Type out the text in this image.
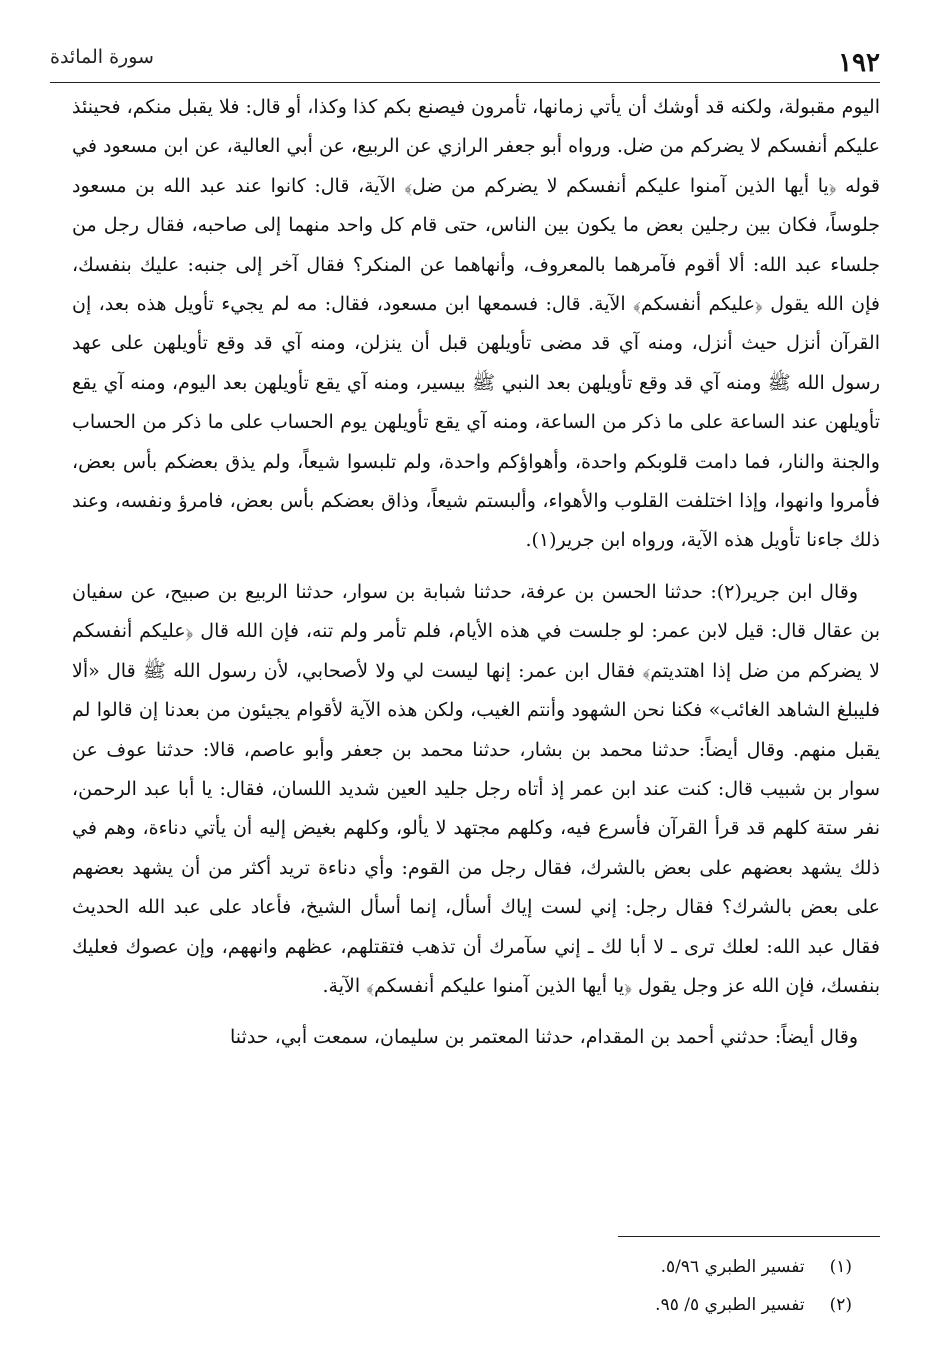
١٩٢
سورة المائدة

اليوم مقبولة، ولكنه قد أوشك أن يأتي زمانها، تأمرون فيصنع بكم كذا وكذا، أو قال: فلا يقبل منكم، فحينئذ عليكم أنفسكم لا يضركم من ضل. ورواه أبو جعفر الرازي عن الربيع، عن أبي العالية، عن ابن مسعود في قوله ﴿يا أيها الذين آمنوا عليكم أنفسكم لا يضركم من ضل﴾ الآية، قال: كانوا عند عبد الله بن مسعود جلوساً، فكان بين رجلين بعض ما يكون بين الناس، حتى قام كل واحد منهما إلى صاحبه، فقال رجل من جلساء عبد الله: ألا أقوم فآمرهما بالمعروف، وأنهاهما عن المنكر؟ فقال آخر إلى جنبه: عليك بنفسك، فإن الله يقول ﴿عليكم أنفسكم﴾ الآية. قال: فسمعها ابن مسعود، فقال: مه لم يجيء تأويل هذه بعد، إن القرآن أنزل حيث أنزل، ومنه آي قد مضى تأويلهن قبل أن ينزلن، ومنه آي قد وقع تأويلهن على عهد رسول الله ﷺ ومنه آي قد وقع تأويلهن بعد النبي ﷺ بيسير، ومنه آي يقع تأويلهن بعد اليوم، ومنه آي يقع تأويلهن عند الساعة على ما ذكر من الساعة، ومنه آي يقع تأويلهن يوم الحساب على ما ذكر من الحساب والجنة والنار، فما دامت قلوبكم واحدة، وأهواؤكم واحدة، ولم تلبسوا شيعاً، ولم يذق بعضكم بأس بعض، فأمروا وانهوا، وإذا اختلفت القلوب والأهواء، وألبستم شيعاً، وذاق بعضكم بأس بعض، فامرؤ ونفسه، وعند ذلك جاءنا تأويل هذه الآية، ورواه ابن جرير(١).

وقال ابن جرير(٢): حدثنا الحسن بن عرفة، حدثنا شبابة بن سوار، حدثنا الربيع بن صبيح، عن سفيان بن عقال قال: قيل لابن عمر: لو جلست في هذه الأيام، فلم تأمر ولم تنه، فإن الله قال ﴿عليكم أنفسكم لا يضركم من ضل إذا اهتديتم﴾ فقال ابن عمر: إنها ليست لي ولا لأصحابي، لأن رسول الله ﷺ قال «ألا فليبلغ الشاهد الغائب» فكنا نحن الشهود وأنتم الغيب، ولكن هذه الآية لأقوام يجيئون من بعدنا إن قالوا لم يقبل منهم. وقال أيضاً: حدثنا محمد بن بشار، حدثنا محمد بن جعفر وأبو عاصم، قالا: حدثنا عوف عن سوار بن شبيب قال: كنت عند ابن عمر إذ أتاه رجل جليد العين شديد اللسان، فقال: يا أبا عبد الرحمن، نفر ستة كلهم قد قرأ القرآن فأسرع فيه، وكلهم مجتهد لا يألو، وكلهم بغيض إليه أن يأتي دناءة، وهم في ذلك يشهد بعضهم على بعض بالشرك، فقال رجل من القوم: وأي دناءة تريد أكثر من أن يشهد بعضهم على بعض بالشرك؟ فقال رجل: إني لست إياك أسأل، إنما أسأل الشيخ، فأعاد على عبد الله الحديث فقال عبد الله: لعلك ترى ـ لا أبا لك ـ إني سآمرك أن تذهب فتقتلهم، عظهم وانههم، وإن عصوك فعليك بنفسك، فإن الله عز وجل يقول ﴿يا أيها الذين آمنوا عليكم أنفسكم﴾ الآية.

وقال أيضاً: حدثني أحمد بن المقدام، حدثنا المعتمر بن سليمان، سمعت أبي، حدثنا

(١) تفسير الطبري ٥/٩٦.
(٢) تفسير الطبري ٥/ ٩٥.
